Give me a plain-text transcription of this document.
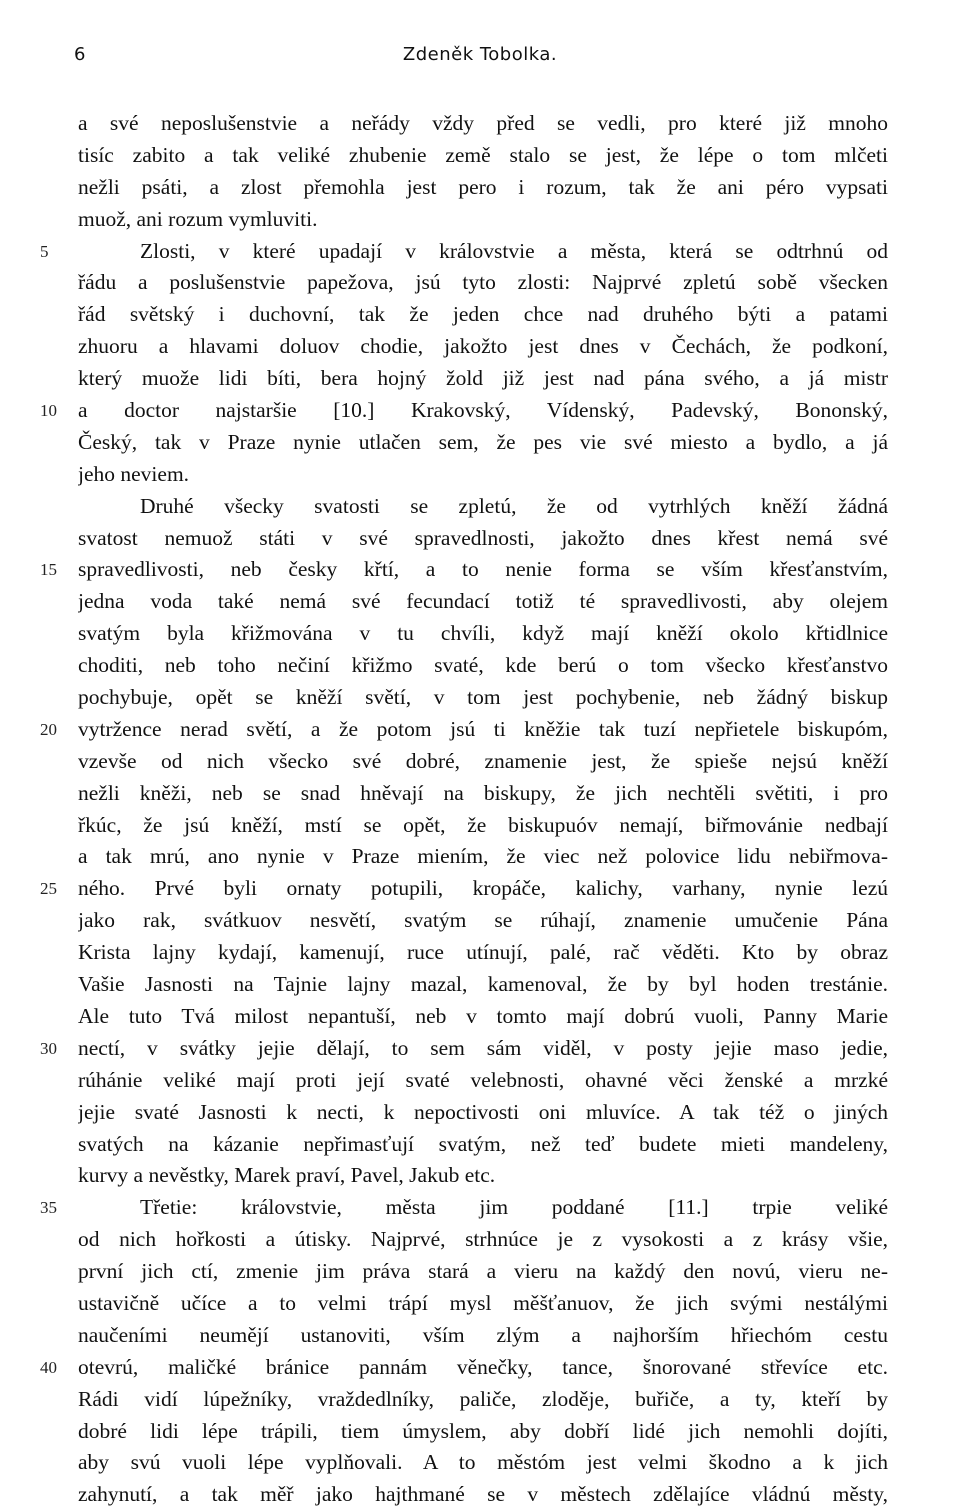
6	Zdeněk Tobolka.
a své neposlušenstvie a neřády vždy před se vedli, pro které již mnoho
tisíc zabito a tak veliké zhubenie země stalo se jest, že lépe o tom mlčeti
nežli psáti, a zlost přemohla jest pero i rozum, tak že ani péro vypsati
muož, ani rozum vymluviti.
5	Zlosti, v které upadají v královstvie a města, která se odtrhnú od
řádu a poslušenstvie papežova, jsú tyto zlosti: Najprvé zpletú sobě všecken
řád světský i duchovní, tak že jeden chce nad druhého býti a patami
zhuoru a hlavami doluov chodie, jakožto jest dnes v Čechách, že podkoní,
který muože lidi bíti, bera hojný žold již jest nad pána svého, a já mistr
10 a doctor najstaršie [10.] Krakovský, Vídenský, Padevský, Bononský,
Český, tak v Praze nynie utlačen sem, že pes vie své miesto a bydlo, a já
jeho neviem.
Druhé všecky svatosti se zpletú, že od vytrhlých kněží žádná
svatost nemuož státi v své spravedlnosti, jakožto dnes křest nemá své
15 spravedlivosti, neb česky křtí, a to nenie forma se vším křesťanstvím,
jedna voda také nemá své fecundací totiž té spravedlivosti, aby olejem
svatým byla křižmována v tu chvíli, když mají kněží okolo křtidlnice
choditi, neb toho nečiní křižmo svaté, kde berú o tom všecko křesťanstvo
pochybuje, opět se kněží světí, v tom jest pochybenie, neb žádný biskup
20 vytržence nerad světí, a že potom jsú ti kněžie tak tuzí nepřietele biskupóm,
vzevše od nich všecko své dobré, znamenie jest, že spieše nejsú kněží
nežli kněži, neb se snad hněvají na biskupy, že jich nechtěli světiti, i pro
řkúc, že jsú kněží, mstí se opět, že biskupuóv nemají, biřmovánie nedbají
a tak mrú, ano nynie v Praze miením, že viec než polovice lidu nebiřmova-
25 ného. Prvé byli ornaty potupili, kropáče, kalichy, varhany, nynie lezú
jako rak, svátkuov nesvětí, svatým se rúhají, znamenie umučenie Pána
Krista lajny kydají, kamenují, ruce utínují, palé, rač věděti. Kto by obraz
Vašie Jasnosti na Tajnie lajny mazal, kamenoval, že by byl hoden trestánie.
Ale tuto Tvá milost nepantuší, neb v tomto mají dobrú vuoli, Panny Marie
30 nectí, v svátky jejie dělají, to sem sám viděl, v posty jejie maso jedie,
rúhánie veliké mají proti její svaté velebnosti, ohavné věci ženské a mrzké
jejie svaté Jasnosti k necti, k nepoctivosti oni mluvíce. A tak též o jiných
svatých na kázanie nepřimasťují svatým, než teď budete mieti mandeleny,
kurvy a nevěstky, Marek praví, Pavel, Jakub etc.
35	Třetie: královstvie, města jim poddané [11.] trpie veliké
od nich hořkosti a útisky. Najprvé, strhnúce je z vysokosti a z krásy všie,
první jich ctí, zmenie jim práva stará a vieru na každý den novú, vieru ne-
ustavičně učíce a to velmi trápí mysl měšťanuov, že jich svými nestálými
naučeními neumějí ustanoviti, vším zlým a najhorším hřiechóm cestu
40 otevrú, maličké bránice pannám věnečky, tance, šnorované střevíce etc.
Rádi vidí lúpežníky, vraždedlníky, paliče, zloděje, buřiče, a ty, kteří by
dobré lidi lépe trápili, tiem úmyslem, aby dobří lidé jich nemohli dojíti,
aby svú vuoli lépe vyplňovali. A to městóm jest velmi škodno a k jich
zahynutí, a tak měř jako hajthmané se v městech zdělajíce vládnú městy,
